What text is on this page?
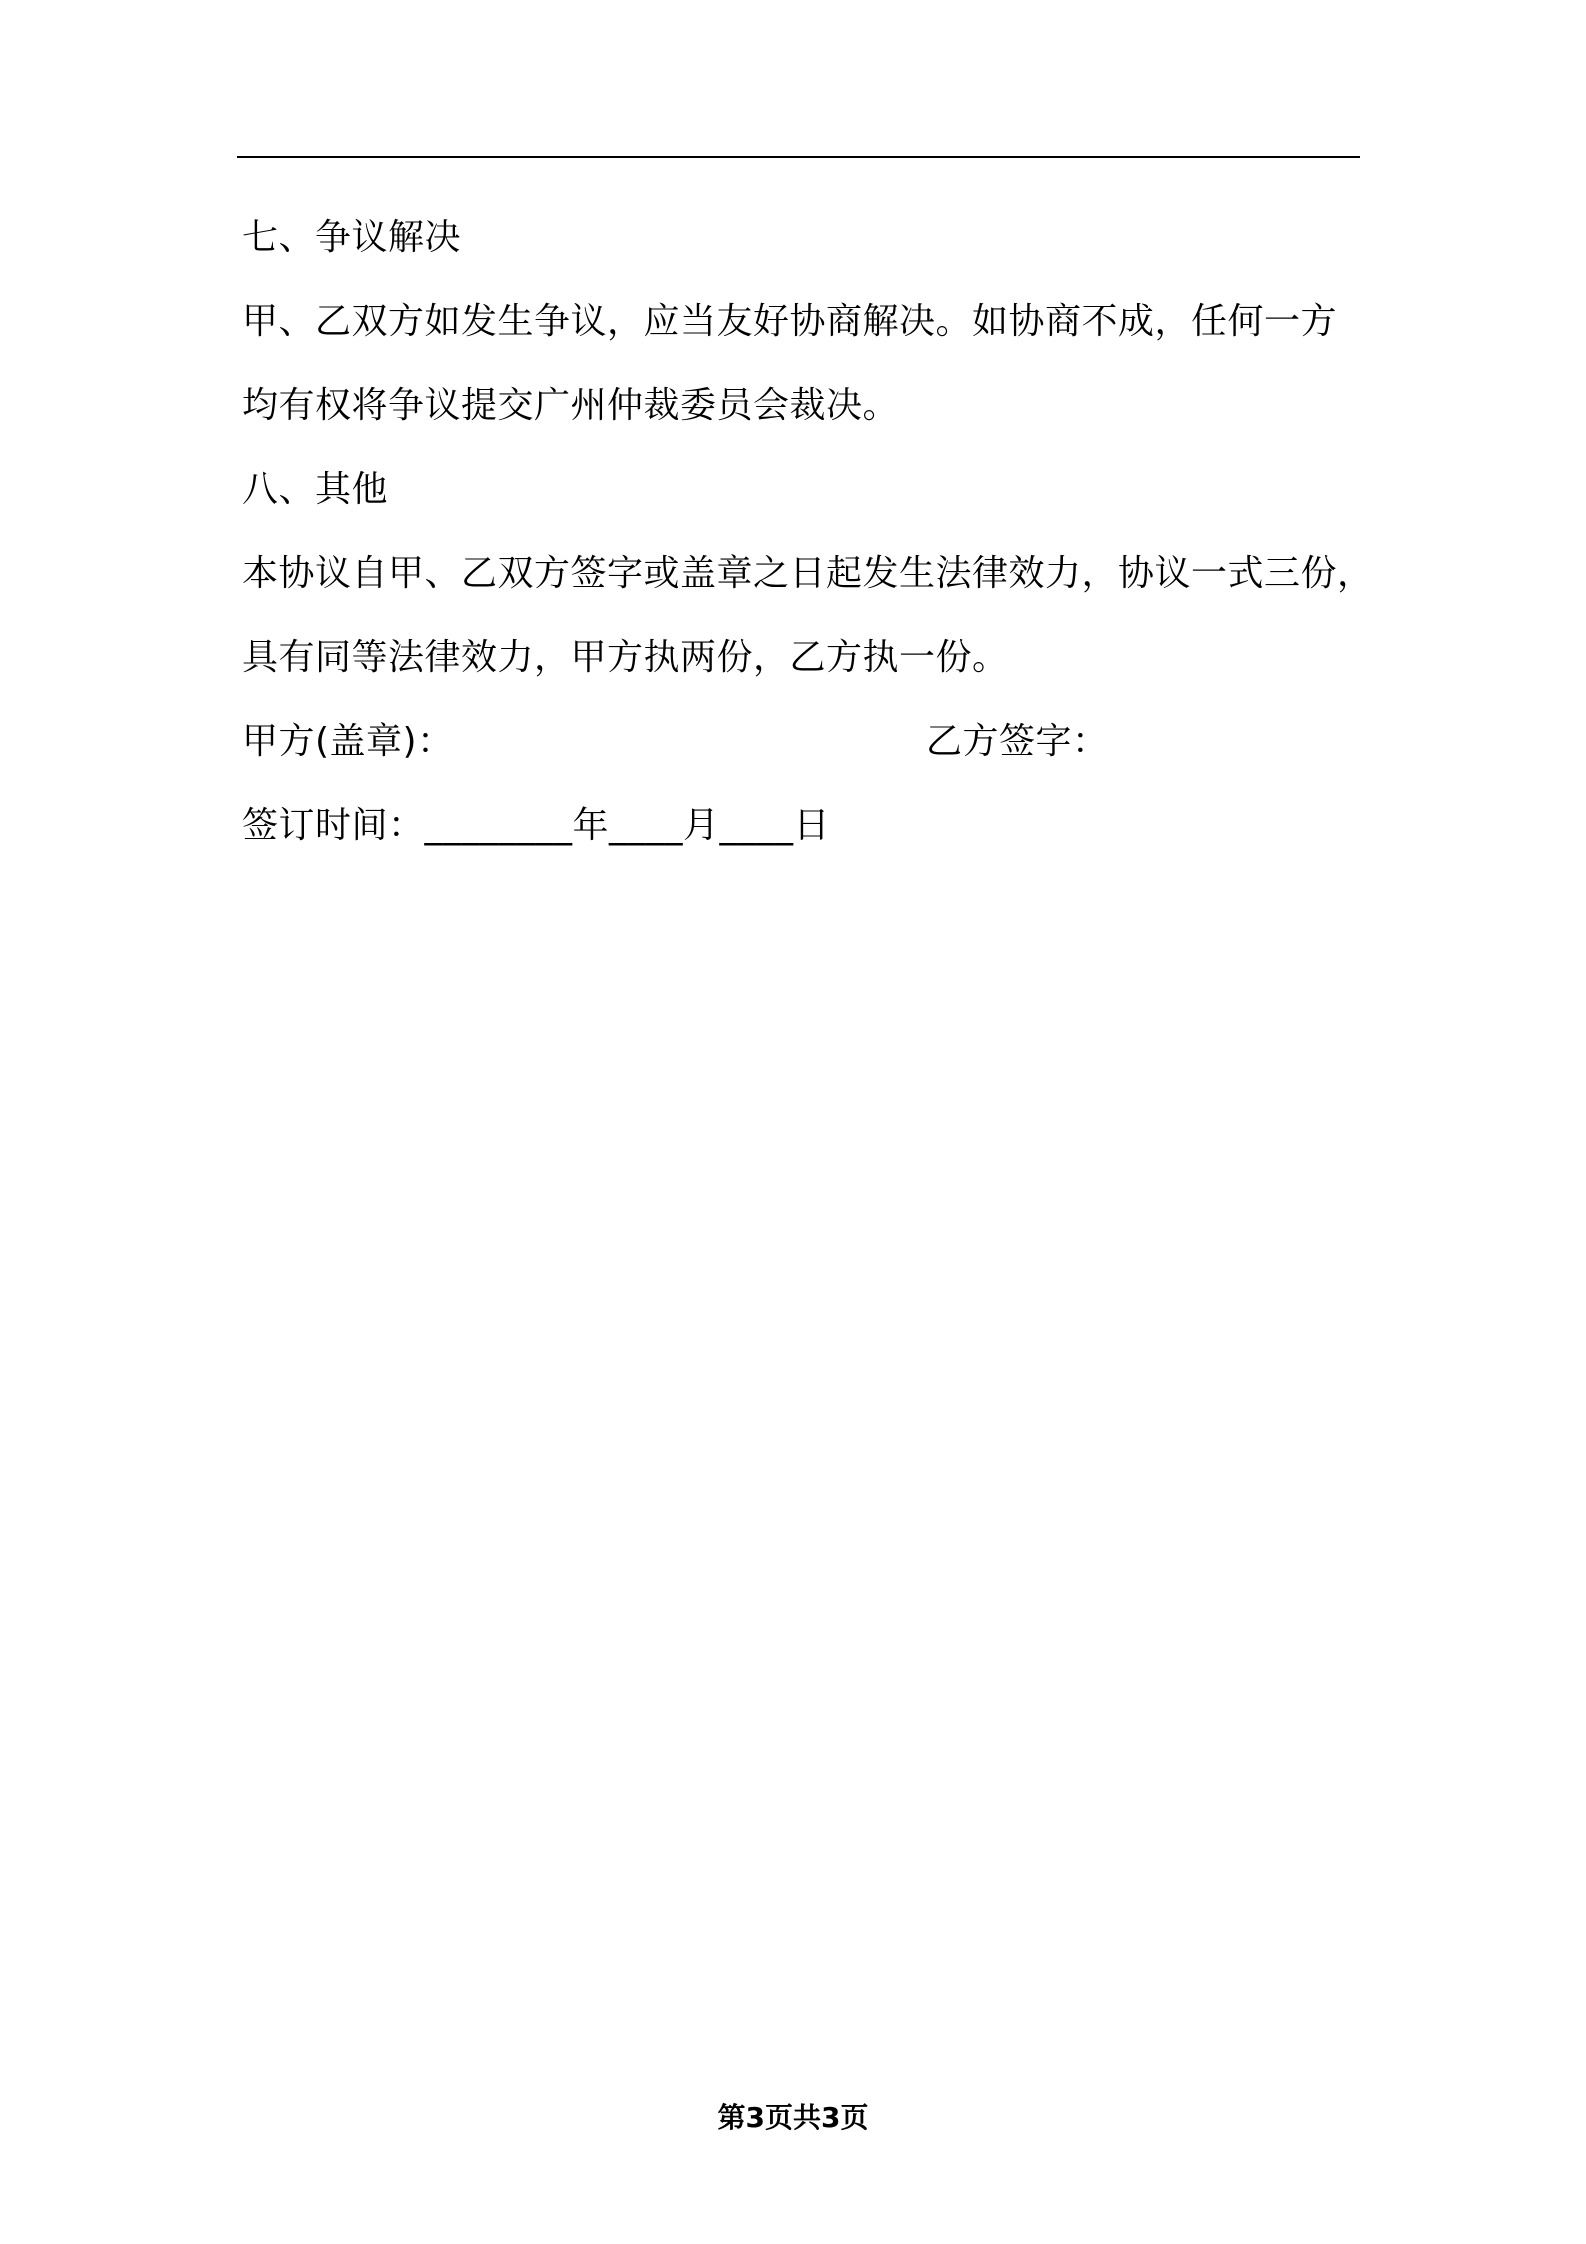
七、争议解决
甲、乙双方如发生争议，应当友好协商解决。如协商不成，任何一方
均有权将争议提交广州仲裁委员会裁决。
八、其他
本协议自甲、乙双方签字或盖章之日起发生法律效力，协议一式三份，
具有同等法律效力，甲方执两份，乙方执一份。
甲方(盖章)：	乙方签字：
签订时间：________年____月____日
第3页共3页
